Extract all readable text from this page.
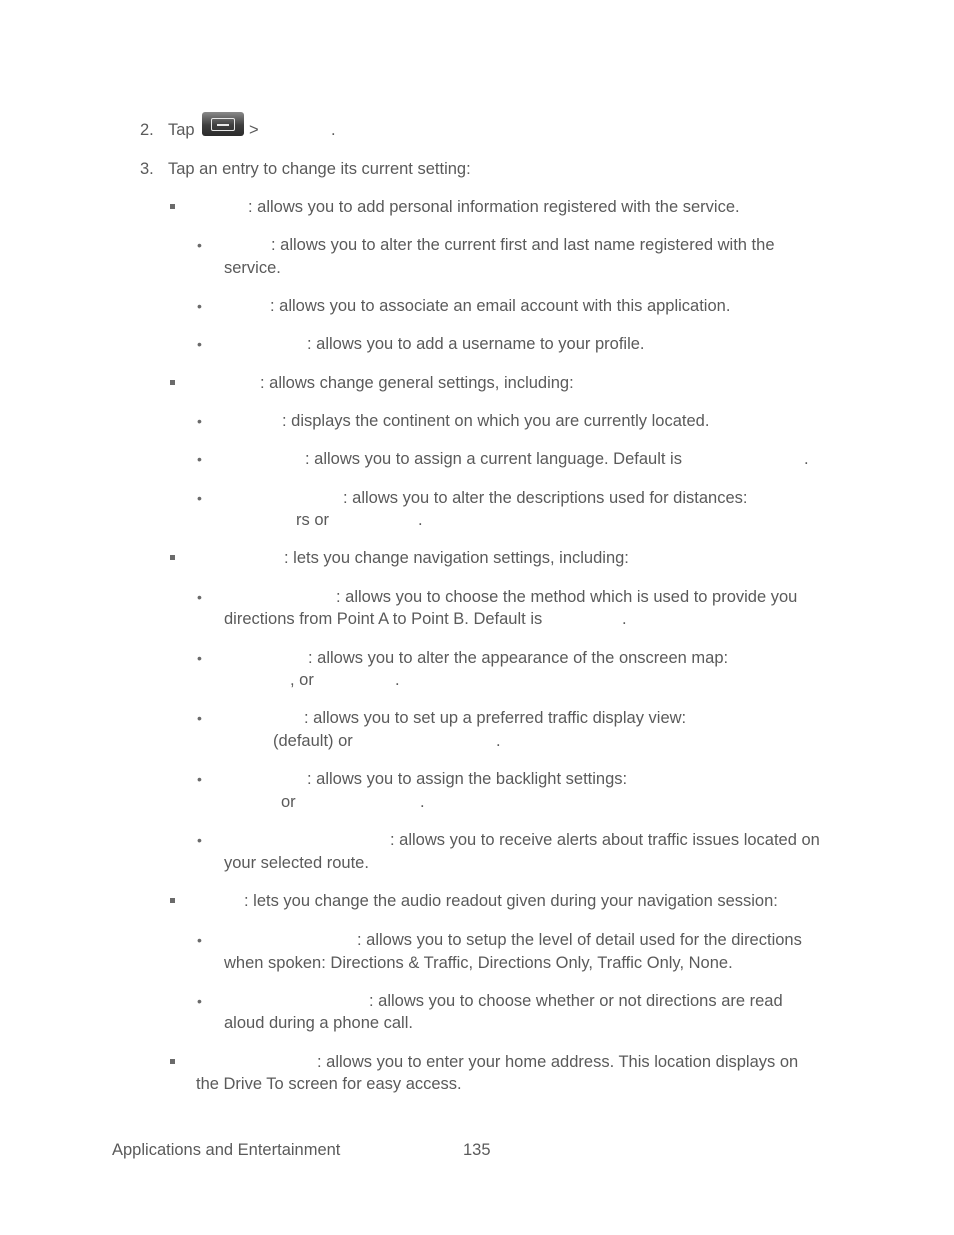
2. Tap	>	.
3. Tap an entry to change its current setting:
: allows you to add personal information registered with the service.
•	: allows you to alter the current first and last name registered with the
service.
•	: allows you to associate an email account with this application.
•	: allows you to add a username to your profile.
: allows change general settings, including:
•	: displays the continent on which you are currently located.
•	: allows you to assign a current language. Default is	.
•	: allows you to alter the descriptions used for distances:
rs or	.
: lets you change navigation settings, including:
•	: allows you to choose the method which is used to provide you
directions from Point A to Point B. Default is	.
•	: allows you to alter the appearance of the onscreen map:
, or	.
•	: allows you to set up a preferred traffic display view:
(default) or	.
•	: allows you to assign the backlight settings:
or	.
•	: allows you to receive alerts about traffic issues located on
your selected route.
: lets you change the audio readout given during your navigation session:
•	: allows you to setup the level of detail used for the directions
when spoken: Directions & Traffic, Directions Only, Traffic Only, None.
•	: allows you to choose whether or not directions are read
aloud during a phone call.
: allows you to enter your home address. This location displays on
the Drive To screen for easy access.
Applications and Entertainment	135
